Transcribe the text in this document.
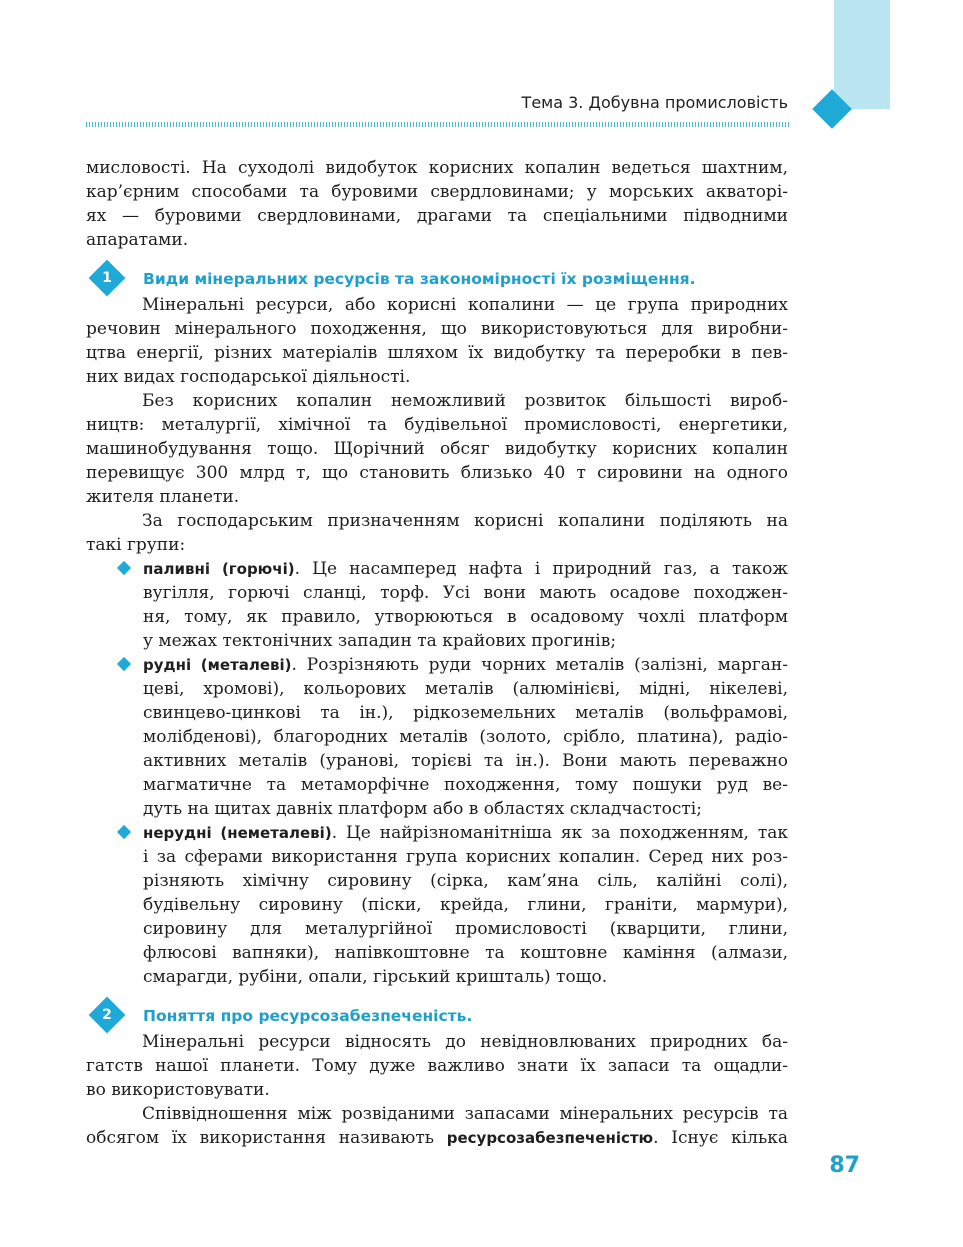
Тема 3. Добувна промисловість

мисловості. На суходолі видобуток корисних копалин ведеться шахтним,

кар’єрним способами та буровими свердловинами; у морських акваторі-

ях — буровими свердловинами, драгами та спеціальними підводними

апаратами.

1	Види мінеральних ресурсів та закономірності їх розміщення.

Мінеральні ресурси, або корисні копалини — це група природних

речовин мінерального походження, що використовуються для виробни-

цтва енергії, різних матеріалів шляхом їх видобутку та переробки в пев-

них видах господарської діяльності.

Без корисних копалин неможливий розвиток більшості вироб-

ництв: металургії, хімічної та будівельної промисловості, енергетики,

машинобудування тощо. Щорічний обсяг видобутку корисних копалин

перевищує 300 млрд т, що становить близько 40 т сировини на одного

жителя планети.

За господарським призначенням корисні копалини поділяють на

такі групи:

паливні (горючі). Це насамперед нафта і природний газ, а також

вугілля, горючі сланці, торф. Усі вони мають осадове походжен-

ня, тому, як правило, утворюються в осадовому чохлі платформ

у межах тектонічних западин та крайових прогинів;

рудні (металеві). Розрізняють руди чорних металів (залізні, марган-

цеві, хромові), кольорових металів (алюмінієві, мідні, нікелеві,

свинцево-цинкові та ін.), рідкоземельних металів (вольфрамові,

молібденові), благородних металів (золото, срібло, платина), радіо-

активних металів (уранові, торієві та ін.). Вони мають переважно

магматичне та метаморфічне походження, тому пошуки руд ве-

дуть на щитах давніх платформ або в областях складчастості;

нерудні (неметалеві). Це найрізноманітніша як за походженням, так

і за сферами використання група корисних копалин. Серед них роз-

різняють хімічну сировину (сірка, кам’яна сіль, калійні солі),

будівельну сировину (піски, крейда, глини, граніти, мармури),

сировину для металургійної промисловості (кварцити, глини,

флюсові вапняки), напівкоштовне та коштовне каміння (алмази,

смарагди, рубіни, опали, гірський кришталь) тощо.

2	Поняття про ресурсозабезпеченість.

Мінеральні ресурси відносять до невідновлюваних природних ба-

гатств нашої планети. Тому дуже важливо знати їх запаси та ощадли-

во використовувати.

Співвідношення між розвіданими запасами мінеральних ресурсів та

обсягом їх використання називають ресурсозабезпеченістю. Існує кілька

87
